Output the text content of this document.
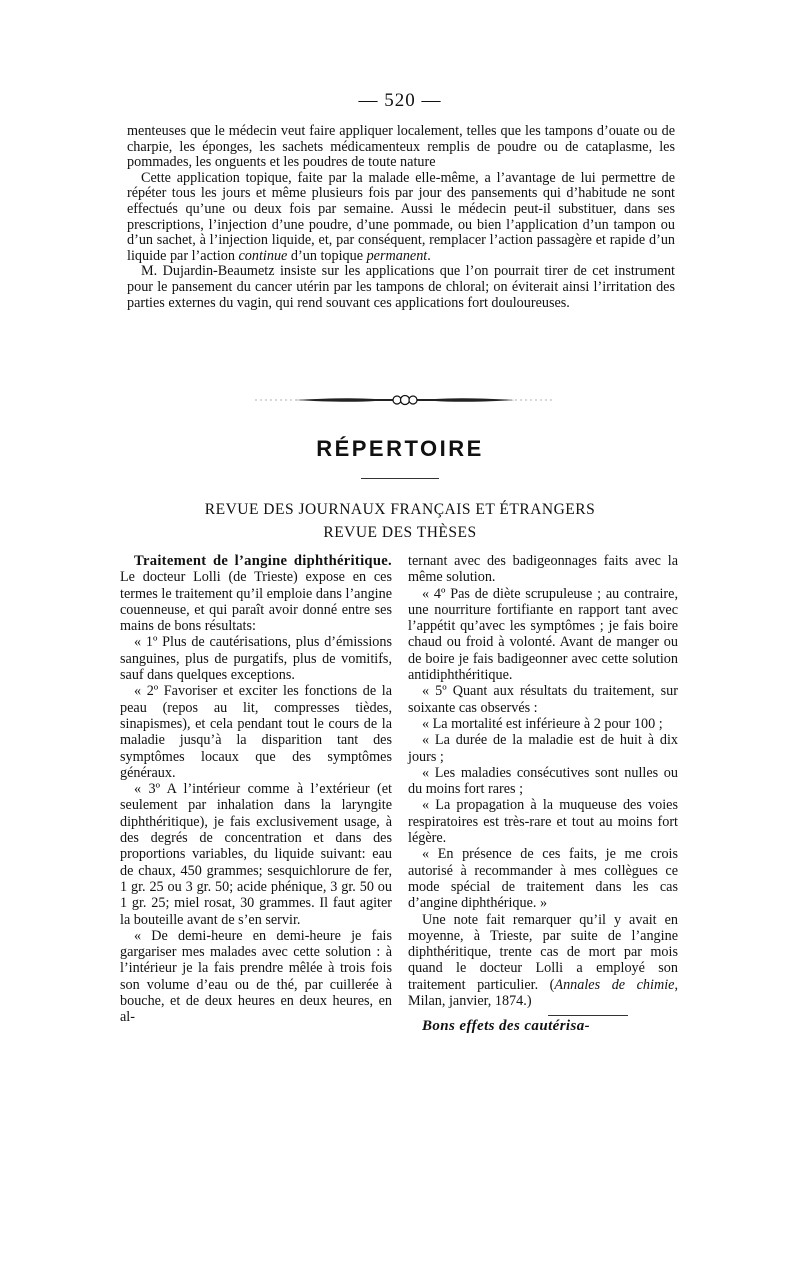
— 520 —

menteuses que le médecin veut faire appliquer localement, telles que les tampons d’ouate ou de charpie, les éponges, les sachets médicamenteux remplis de poudre ou de cataplasme, les pommades, les onguents et les poudres de toute nature

Cette application topique, faite par la malade elle-même, a l’avantage de lui permettre de répéter tous les jours et même plusieurs fois par jour des pansements qui d’habitude ne sont effectués qu’une ou deux fois par semaine. Aussi le médecin peut-il substituer, dans ses prescriptions, l’injection d’une poudre, d’une pommade, ou bien l’application d’un tampon ou d’un sachet, à l’injection liquide, et, par conséquent, remplacer l’action passagère et rapide d’un liquide par l’action continue d’un topique permanent.

M. Dujardin-Beaumetz insiste sur les applications que l’on pourrait tirer de cet instrument pour le pansement du cancer utérin par les tampons de chloral; on éviterait ainsi l’irritation des parties externes du vagin, qui rend souvant ces applications fort douloureuses.

RÉPERTOIRE
REVUE DES JOURNAUX FRANÇAIS ET ÉTRANGERS
REVUE DES THÈSES

Traitement de l’angine diphthéritique. Le docteur Lolli (de Trieste) expose en ces termes le traitement qu’il emploie dans l’angine couenneuse, et qui paraît avoir donné entre ses mains de bons résultats:

« 1º Plus de cautérisations, plus d’émissions sanguines, plus de purgatifs, plus de vomitifs, sauf dans quelques exceptions.

« 2º Favoriser et exciter les fonctions de la peau (repos au lit, compresses tièdes, sinapismes), et cela pendant tout le cours de la maladie jusqu’à la disparition tant des symptômes locaux que des symptômes généraux.

« 3º A l’intérieur comme à l’extérieur (et seulement par inhalation dans la laryngite diphthéritique), je fais exclusivement usage, à des degrés de concentration et dans des proportions variables, du liquide suivant: eau de chaux, 450 grammes; sesquichlorure de fer, 1 gr. 25 ou 3 gr. 50; acide phénique, 3 gr. 50 ou 1 gr. 25; miel rosat, 30 grammes. Il faut agiter la bouteille avant de s’en servir.

« De demi-heure en demi-heure je fais gargariser mes malades avec cette solution : à l’intérieur je la fais prendre mêlée à trois fois son volume d’eau ou de thé, par cuillerée à bouche, et de deux heures en deux heures, en al-

ternant avec des badigeonnages faits avec la même solution.

« 4º Pas de diète scrupuleuse ; au contraire, une nourriture fortifiante en rapport tant avec l’appétit qu’avec les symptômes ; je fais boire chaud ou froid à volonté. Avant de manger ou de boire je fais badigeonner avec cette solution antidiphthéritique.

« 5º Quant aux résultats du traitement, sur soixante cas observés :

« La mortalité est inférieure à 2 pour 100 ;

« La durée de la maladie est de huit à dix jours ;

« Les maladies consécutives sont nulles ou du moins fort rares ;

« La propagation à la muqueuse des voies respiratoires est très-rare et tout au moins fort légère.

« En présence de ces faits, je me crois autorisé à recommander à mes collègues ce mode spécial de traitement dans les cas d’angine diphthérique. »

Une note fait remarquer qu’il y avait en moyenne, à Trieste, par suite de l’angine diphthéritique, trente cas de mort par mois quand le docteur Lolli a employé son traitement particulier. (Annales de chimie, Milan, janvier, 1874.)

Bons effets des cautérisa-
